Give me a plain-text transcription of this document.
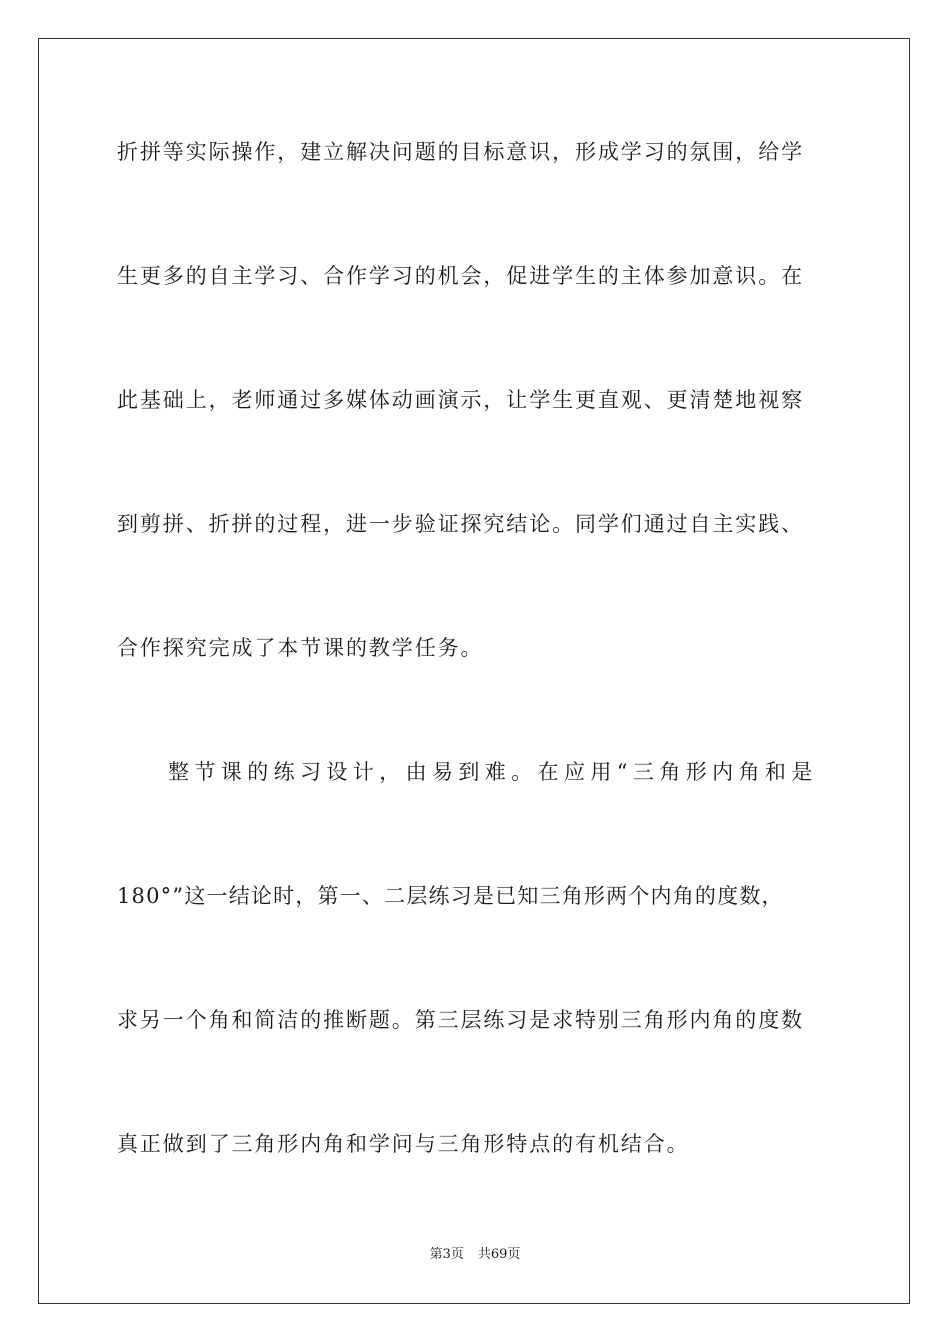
折拼等实际操作，建立解决问题的目标意识，形成学习的氛围，给学
生更多的自主学习、合作学习的机会，促进学生的主体参加意识。在
此基础上，老师通过多媒体动画演示，让学生更直观、更清楚地视察
到剪拼、折拼的过程，进一步验证探究结论。同学们通过自主实践、
合作探究完成了本节课的教学任务。
整节课的练习设计，由易到难。在应用“三角形内角和是
180°”这一结论时，第一、二层练习是已知三角形两个内角的度数，
求另一个角和简洁的推断题。第三层练习是求特别三角形内角的度数
真正做到了三角形内角和学问与三角形特点的有机结合。
第3页 共69页
